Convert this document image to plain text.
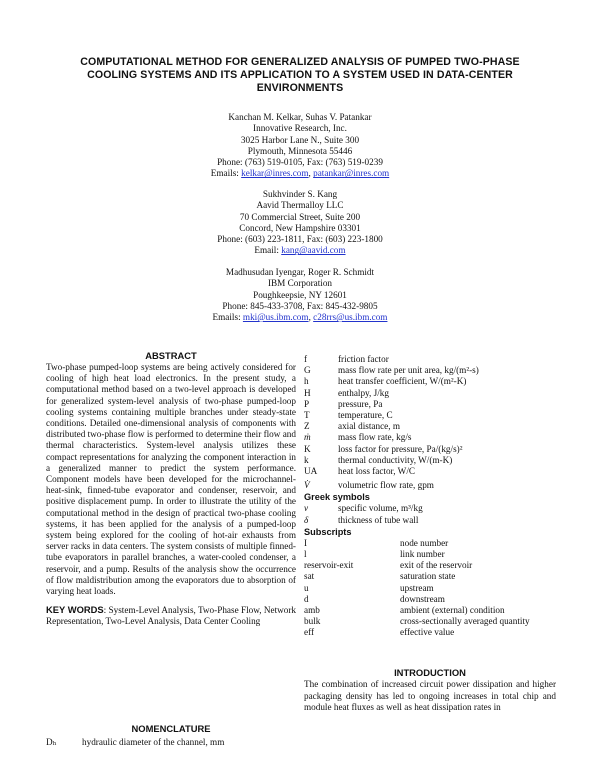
COMPUTATIONAL METHOD FOR GENERALIZED ANALYSIS OF PUMPED TWO-PHASE COOLING SYSTEMS AND ITS APPLICATION TO A SYSTEM USED IN DATA-CENTER ENVIRONMENTS
Kanchan M. Kelkar, Suhas V. Patankar
Innovative Research, Inc.
3025 Harbor Lane N., Suite 300
Plymouth, Minnesota 55446
Phone: (763) 519-0105, Fax: (763) 519-0239
Emails: kelkar@inres.com, patankar@inres.com
Sukhvinder S. Kang
Aavid Thermalloy LLC
70 Commercial Street, Suite 200
Concord, New Hampshire 03301
Phone: (603) 223-1811, Fax: (603) 223-1800
Email: kang@aavid.com
Madhusudan Iyengar, Roger R. Schmidt
IBM Corporation
Poughkeepsie, NY 12601
Phone: 845-433-3708, Fax: 845-432-9805
Emails: mki@us.ibm.com, c28rrs@us.ibm.com
ABSTRACT
Two-phase pumped-loop systems are being actively considered for cooling of high heat load electronics. In the present study, a computational method based on a two-level approach is developed for generalized system-level analysis of two-phase pumped-loop cooling systems containing multiple branches under steady-state conditions. Detailed one-dimensional analysis of components with distributed two-phase flow is performed to determine their flow and thermal characteristics. System-level analysis utilizes these compact representations for analyzing the component interaction in a generalized manner to predict the system performance. Component models have been developed for the microchannel-heat-sink, finned-tube evaporator and condenser, reservoir, and positive displacement pump. In order to illustrate the utility of the computational method in the design of practical two-phase cooling systems, it has been applied for the analysis of a pumped-loop system being explored for the cooling of hot-air exhausts from server racks in data centers. The system consists of multiple finned-tube evaporators in parallel branches, a water-cooled condenser, a reservoir, and a pump. Results of the analysis show the occurrence of flow maldistribution among the evaporators due to absorption of varying heat loads.
KEY WORDS: System-Level Analysis, Two-Phase Flow, Network Representation, Two-Level Analysis, Data Center Cooling
NOMENCLATURE
Dₕ	hydraulic diameter of the channel, mm
f	friction factor
G	mass flow rate per unit area, kg/(m²-s)
h	heat transfer coefficient, W/(m²-K)
H	enthalpy, J/kg
P	pressure, Pa
T	temperature, C
Z	axial distance, m
ṁ	mass flow rate, kg/s
K	loss factor for pressure, Pa/(kg/s)²
k	thermal conductivity, W/(m-K)
UA	heat loss factor, W/C
V̇	volumetric flow rate, gpm
Greek symbols
ν	specific volume, m³/kg
δ	thickness of tube wall
Subscripts
I	node number
l	link number
reservoir-exit	exit of the reservoir
sat	saturation state
u	upstream
d	downstream
amb	ambient (external) condition
bulk	cross-sectionally averaged quantity
eff	effective value
INTRODUCTION
The combination of increased circuit power dissipation and higher packaging density has led to ongoing increases in total chip and module heat fluxes as well as heat dissipation rates in
